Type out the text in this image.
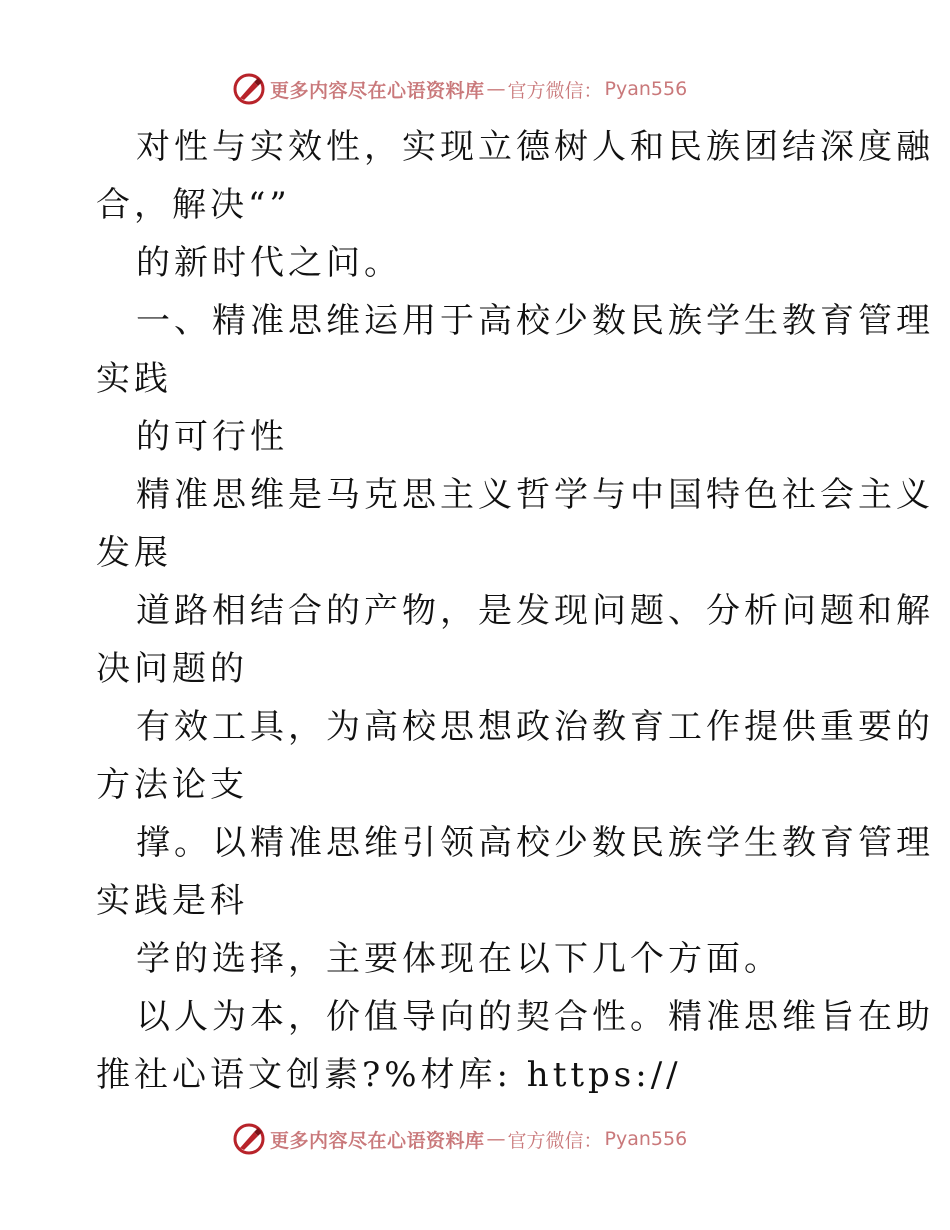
更多内容尽在心语资料库 — 官方微信： Pyan556
对性与实效性，实现立德树人和民族团结深度融
合，解决“”
的新时代之问。
一、精准思维运用于高校少数民族学生教育管理
实践
的可行性
精准思维是马克思主义哲学与中国特色社会主义
发展
道路相结合的产物，是发现问题、分析问题和解
决问题的
有效工具，为高校思想政治教育工作提供重要的
方法论支
撑。以精准思维引领高校少数民族学生教育管理
实践是科
学的选择，主要体现在以下几个方面。
以人为本，价值导向的契合性。精准思维旨在助
推社心语文创素?%材库: https://
更多内容尽在心语资料库 — 官方微信： Pyan556
